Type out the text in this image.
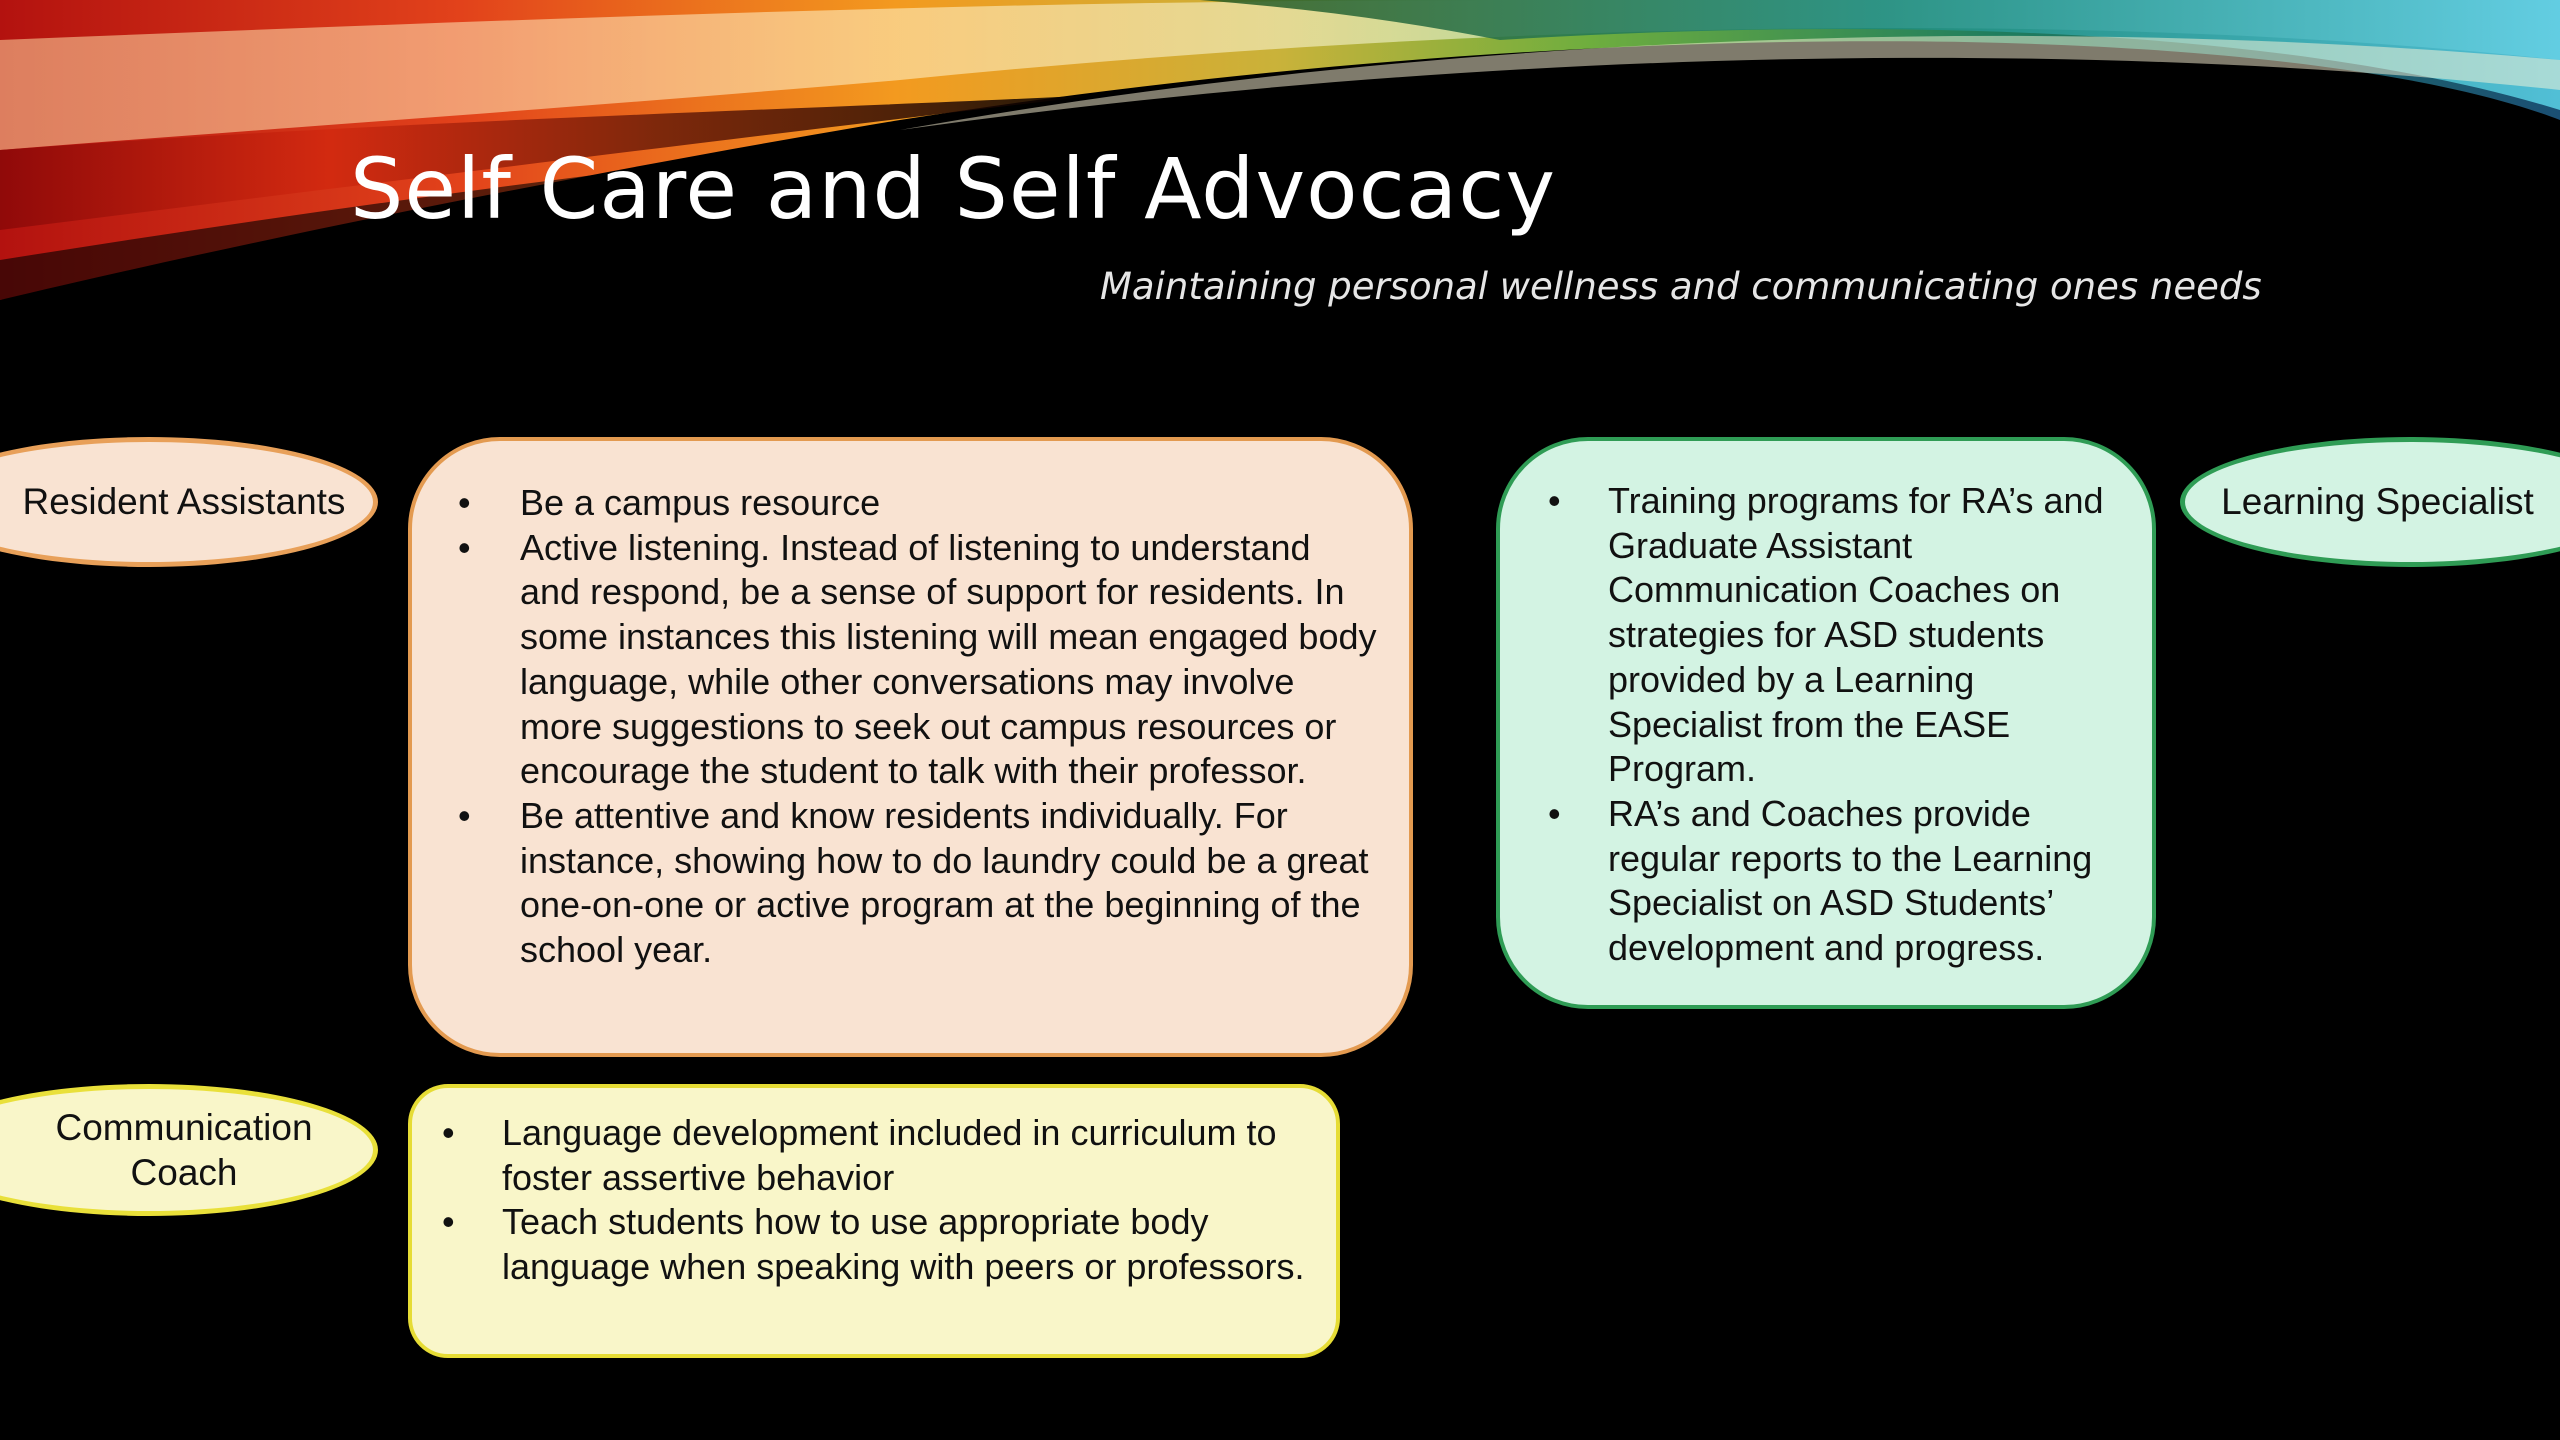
Self Care and Self Advocacy
Maintaining personal wellness and communicating ones needs
Resident Assistants
•	Be a campus resource
• Active listening. Instead of listening to understand and respond, be a sense of support for residents. In some instances this listening will mean engaged body language, while other conversations may involve more suggestions to seek out campus resources or encourage the student to talk with their professor.
• Be attentive and know residents individually. For instance, showing how to do laundry could be a great one-on-one or active program at the beginning of the school year.
Communication
Coach
• Language development included in curriculum to foster assertive behavior
• Teach students how to use appropriate body language when speaking with peers or professors.
• Training programs for RA’s and Graduate Assistant Communication Coaches on strategies for ASD students provided by a Learning Specialist from the EASE Program.
• RA’s and Coaches provide regular reports to the Learning Specialist on ASD Students’ development and progress.
Learning Specialist
